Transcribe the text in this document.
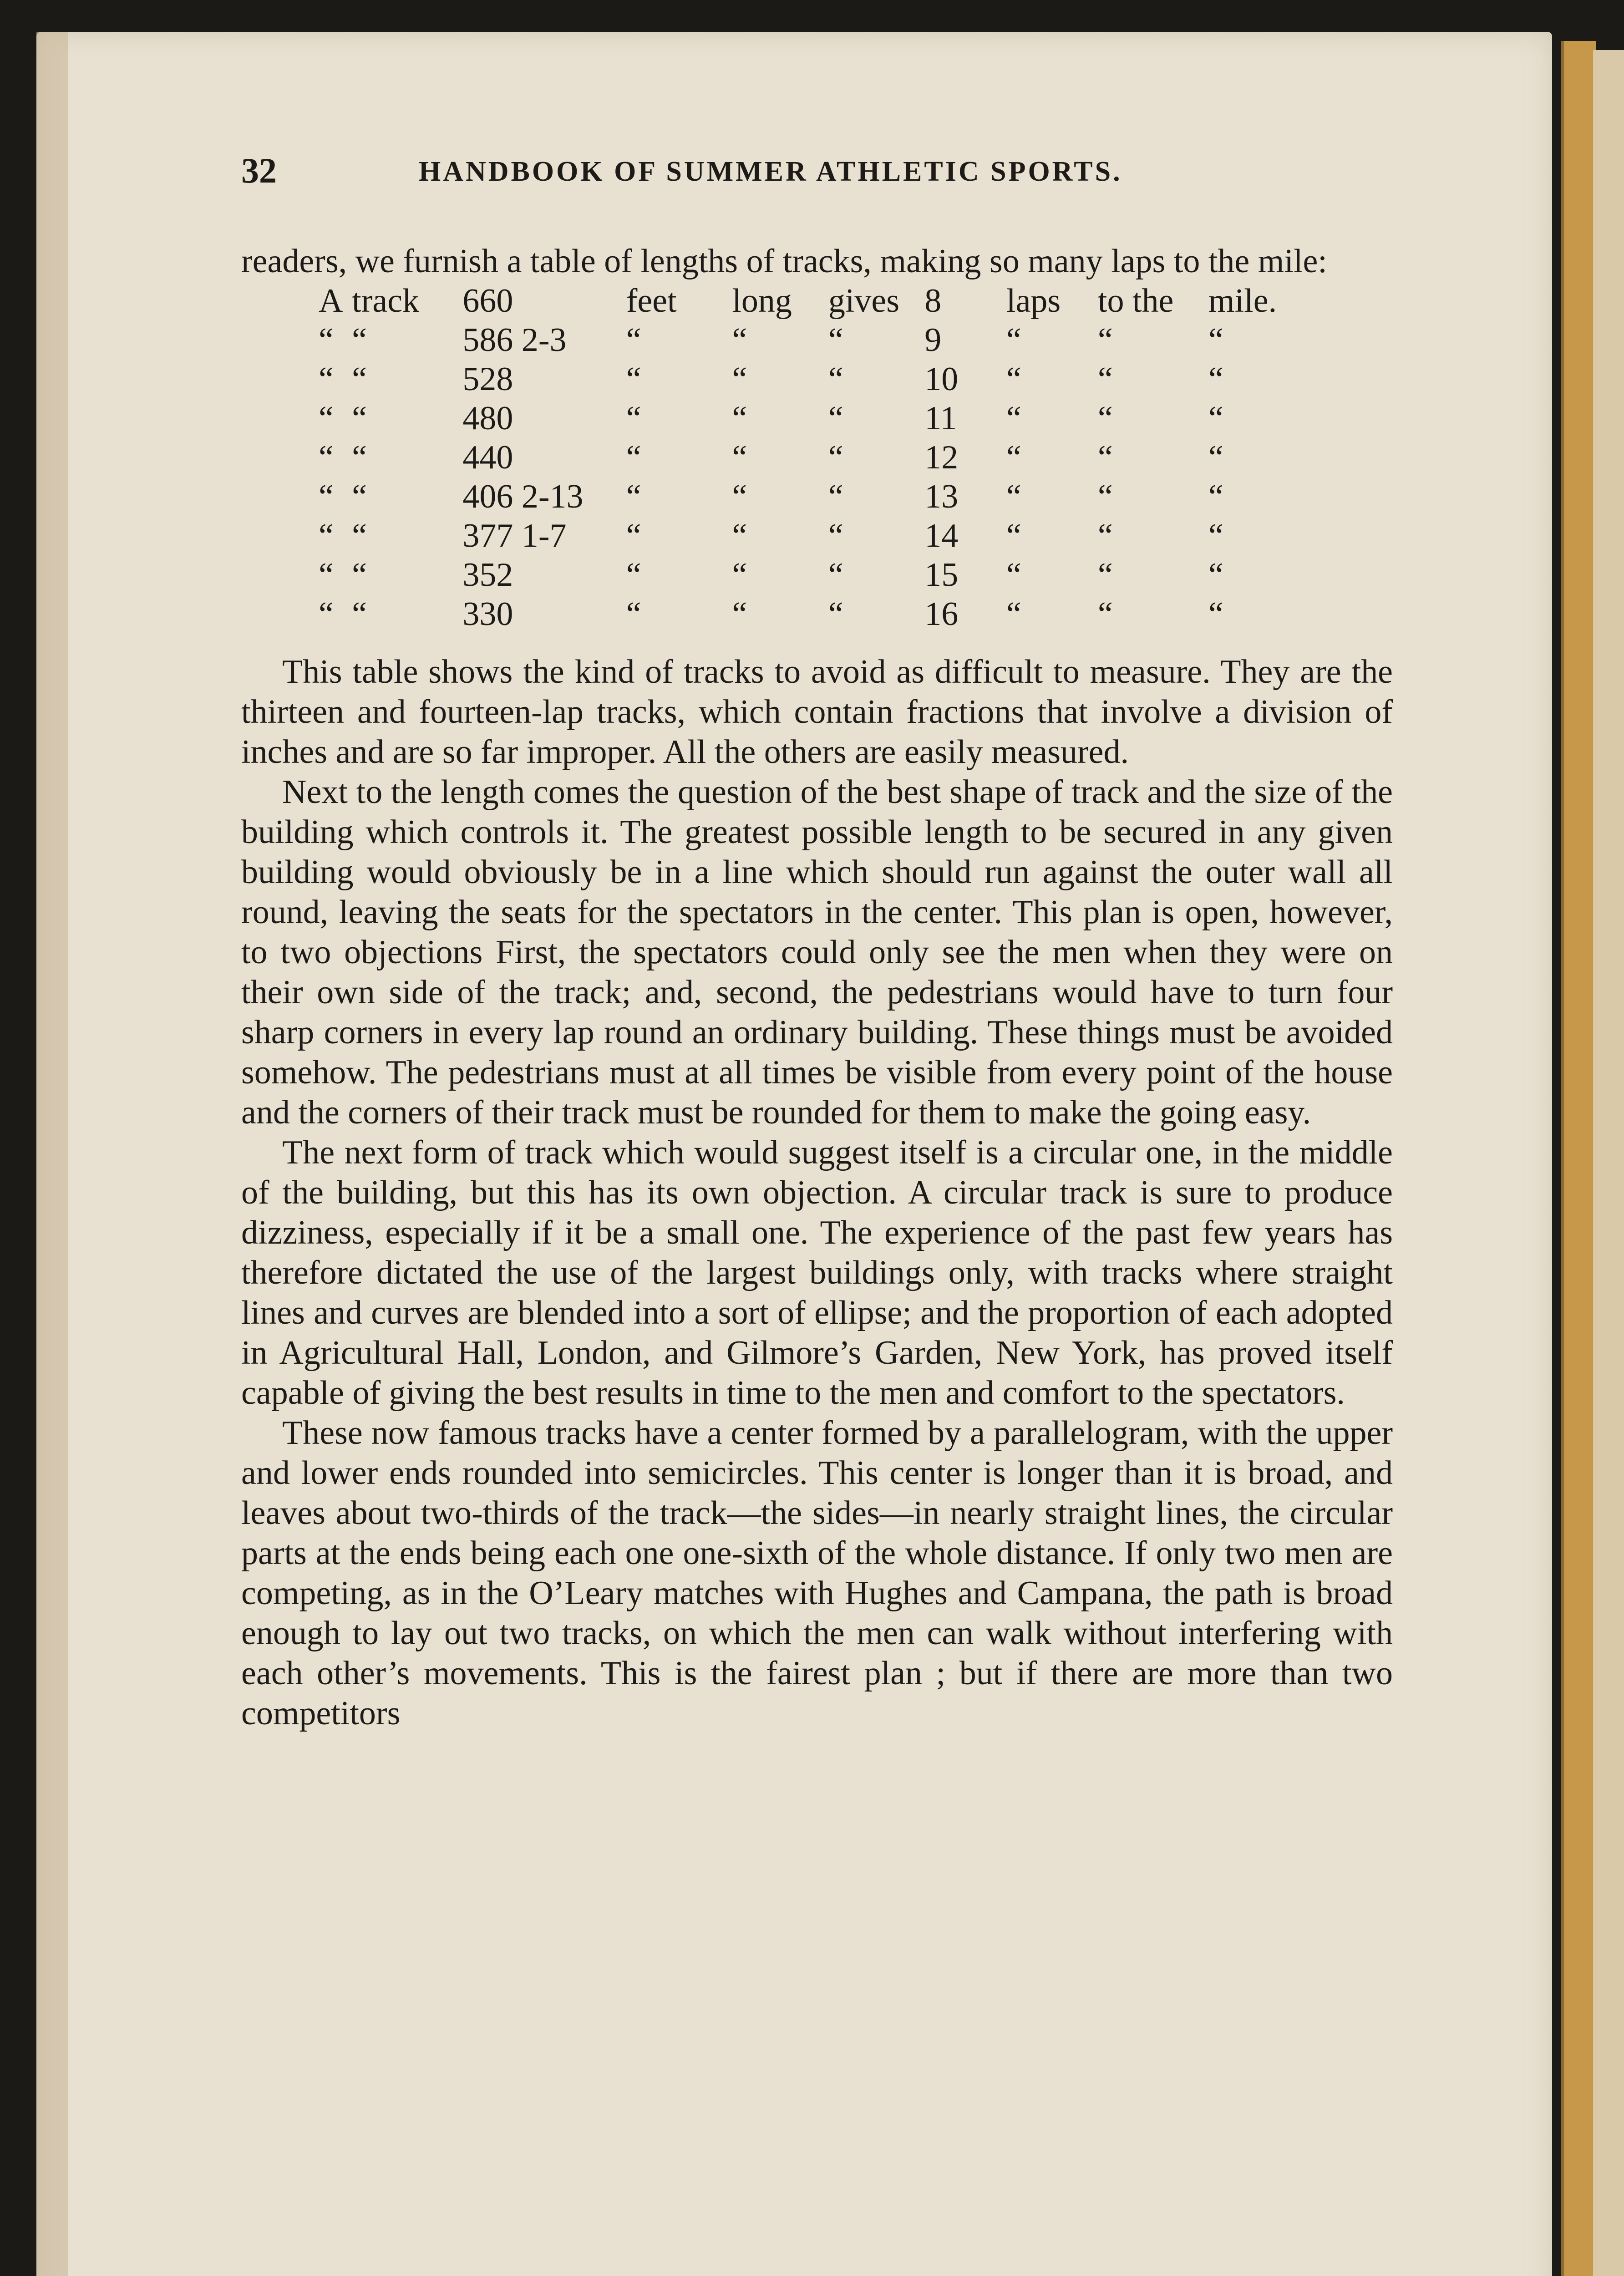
32	HANDBOOK OF SUMMER ATHLETIC SPORTS.

readers, we furnish a table of lengths of tracks, making so many laps to the mile:

A	track	660	feet	long	gives	8	laps	to the	mile.
“	“	586 2-3	“	“	“	9	“	“	“
“	“	528	“	“	“	10	“	“	“
“	“	480	“	“	“	11	“	“	“
“	“	440	“	“	“	12	“	“	“
“	“	406 2-13	“	“	“	13	“	“	“
“	“	377 1-7	“	“	“	14	“	“	“
“	“	352	“	“	“	15	“	“	“
“	“	330	“	“	“	16	“	“	“

This table shows the kind of tracks to avoid as difficult to measure. They are the thirteen and fourteen-lap tracks, which contain fractions that involve a division of inches and are so far improper. All the others are easily measured.

Next to the length comes the question of the best shape of track and the size of the building which controls it. The greatest possible length to be secured in any given building would obviously be in a line which should run against the outer wall all round, leaving the seats for the spectators in the center. This plan is open, however, to two objections First, the spectators could only see the men when they were on their own side of the track; and, second, the pedestrians would have to turn four sharp corners in every lap round an ordinary building. These things must be avoided somehow. The pedestrians must at all times be visible from every point of the house and the corners of their track must be rounded for them to make the going easy.

The next form of track which would suggest itself is a circular one, in the middle of the building, but this has its own objection. A circular track is sure to produce dizziness, especially if it be a small one. The experience of the past few years has therefore dictated the use of the largest buildings only, with tracks where straight lines and curves are blended into a sort of ellipse; and the proportion of each adopted in Agricultural Hall, London, and Gilmore’s Garden, New York, has proved itself capable of giving the best results in time to the men and comfort to the spectators.

These now famous tracks have a center formed by a parallelogram, with the upper and lower ends rounded into semicircles. This center is longer than it is broad, and leaves about two-thirds of the track—the sides—in nearly straight lines, the circular parts at the ends being each one one-sixth of the whole distance. If only two men are competing, as in the O’Leary matches with Hughes and Campana, the path is broad enough to lay out two tracks, on which the men can walk without interfering with each other’s movements. This is the fairest plan ; but if there are more than two competitors
